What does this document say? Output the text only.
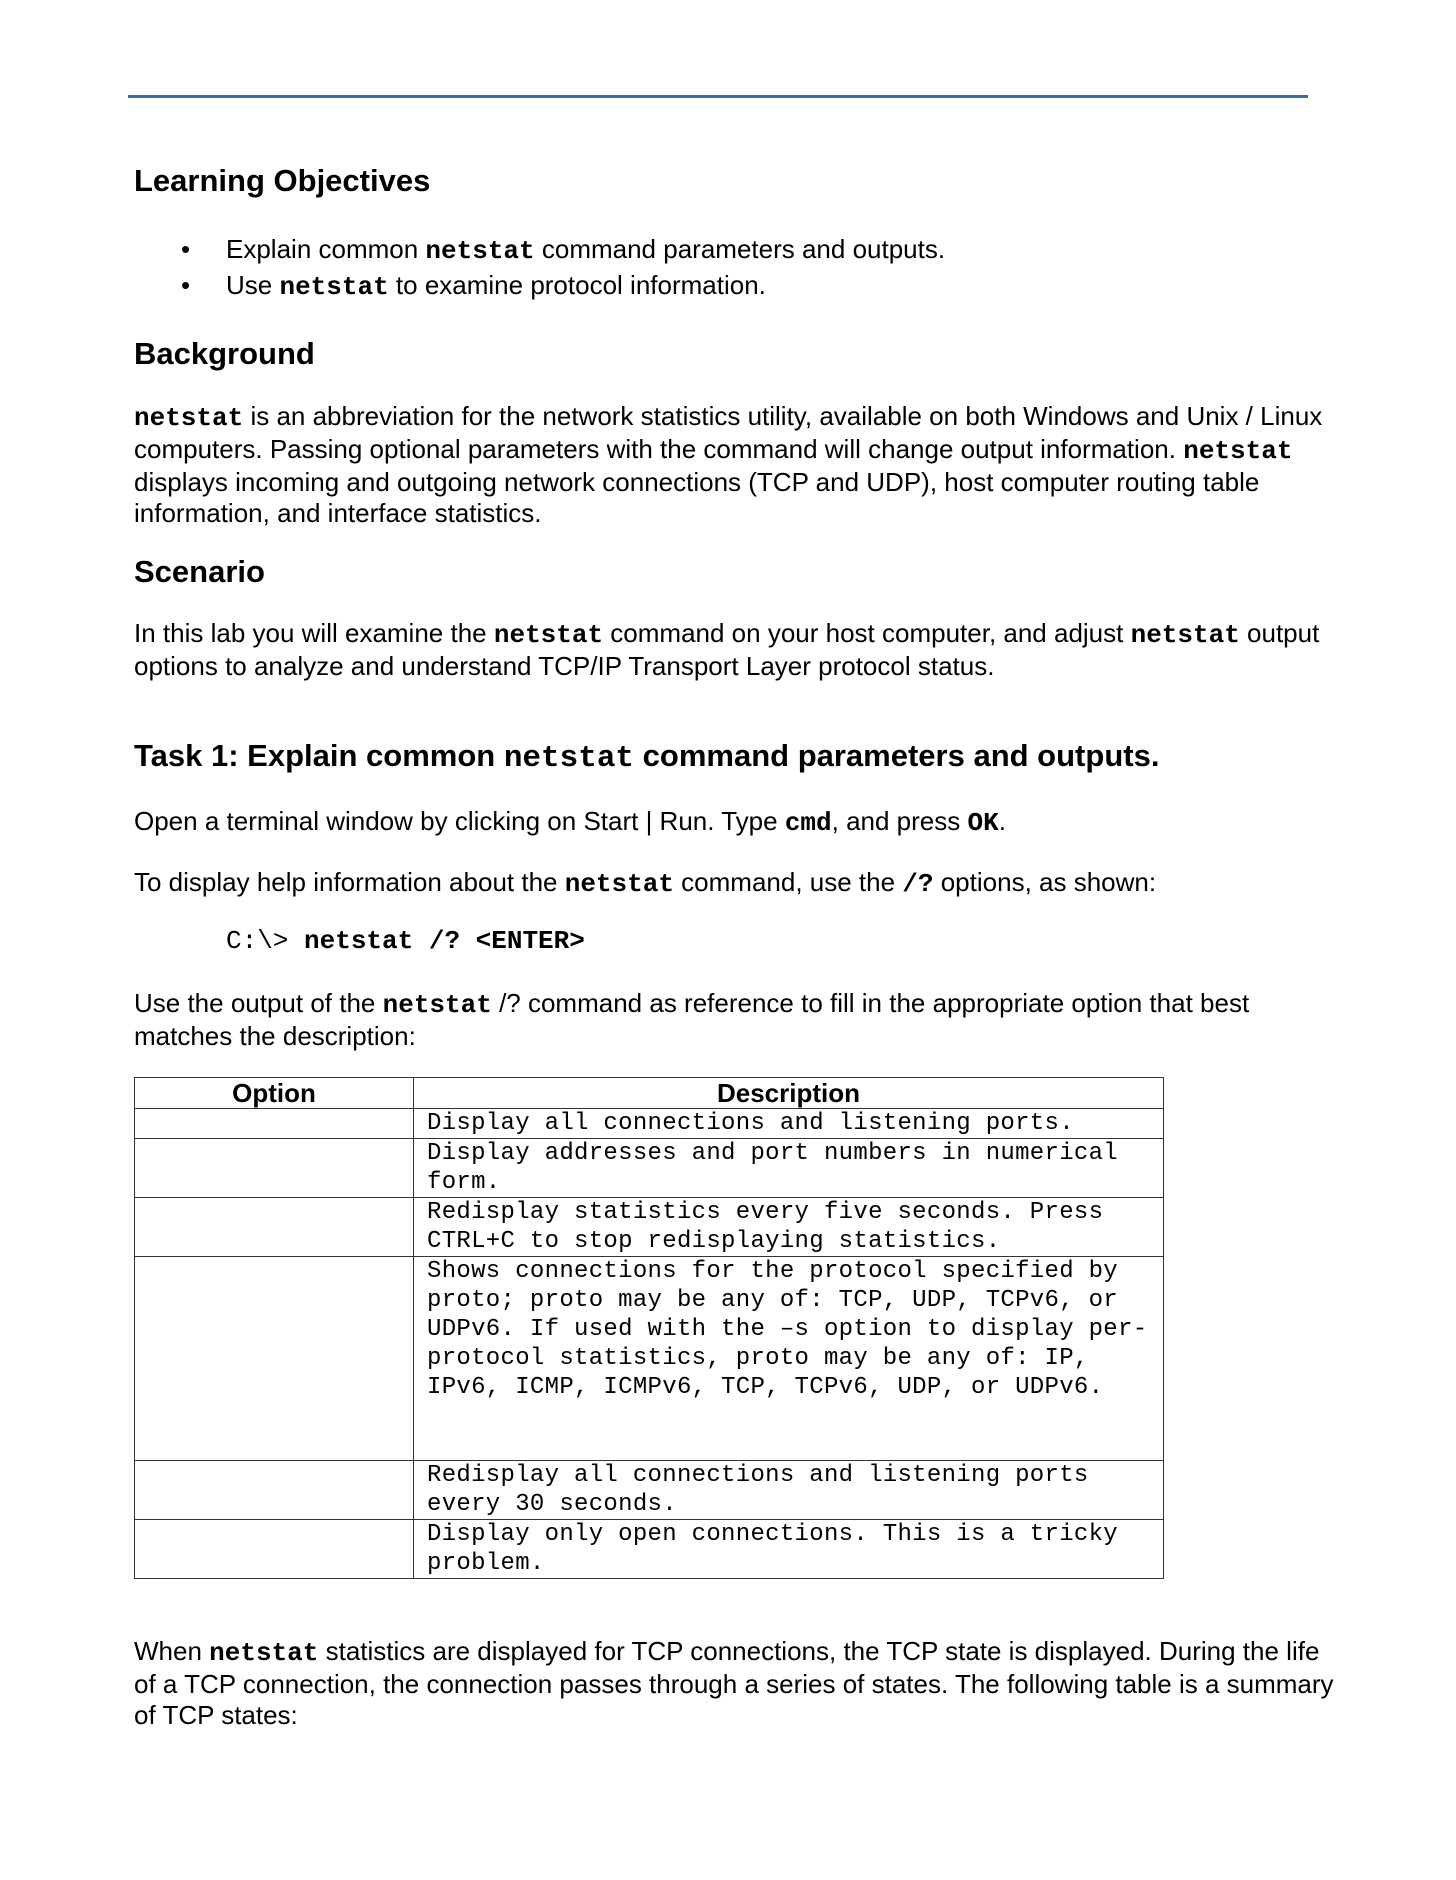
Learning Objectives
• Explain common netstat command parameters and outputs.
• Use netstat to examine protocol information.
Background

netstat is an abbreviation for the network statistics utility, available on both Windows and Unix / Linux computers. Passing optional parameters with the command will change output information. netstat displays incoming and outgoing network connections (TCP and UDP), host computer routing table information, and interface statistics.

Scenario

In this lab you will examine the netstat command on your host computer, and adjust netstat output options to analyze and understand TCP/IP Transport Layer protocol status.

Task 1: Explain common netstat command parameters and outputs.

Open a terminal window by clicking on Start | Run. Type cmd, and press OK.

To display help information about the netstat command, use the /? options, as shown:

C:\> netstat /? <ENTER>

Use the output of the netstat /? command as reference to fill in the appropriate option that best matches the description:

Option	Description
	Display all connections and listening ports.
	Display addresses and port numbers in numerical form.
	Redisplay statistics every five seconds. Press CTRL+C to stop redisplaying statistics.
	Shows connections for the protocol specified by proto; proto may be any of: TCP, UDP, TCPv6, or UDPv6. If used with the –s option to display per-protocol statistics, proto may be any of: IP, IPv6, ICMP, ICMPv6, TCP, TCPv6, UDP, or UDPv6.
	Redisplay all connections and listening ports every 30 seconds.
	Display only open connections. This is a tricky problem.

When netstat statistics are displayed for TCP connections, the TCP state is displayed. During the life of a TCP connection, the connection passes through a series of states. The following table is a summary of TCP states:
